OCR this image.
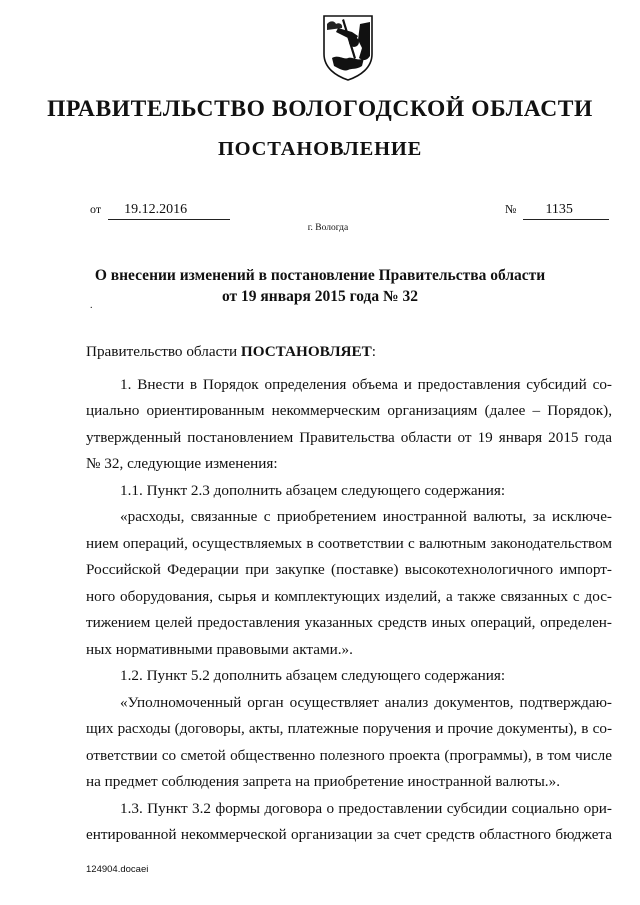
ПРАВИТЕЛЬСТВО ВОЛОГОДСКОЙ ОБЛАСТИ
ПОСТАНОВЛЕНИЕ
от 19.12.2016	№ 1135
г. Вологда
О внесении изменений в постановление Правительства области
от 19 января 2015 года № 32
.

Правительство области ПОСТАНОВЛЯЕТ:

1. Внести в Порядок определения объема и предоставления субсидий со-

циально ориентированным некоммерческим организациям (далее – Порядок),

утвержденный постановлением Правительства области от 19 января 2015 года

№ 32, следующие изменения:

1.1. Пункт 2.3 дополнить абзацем следующего содержания:

«расходы, связанные с приобретением иностранной валюты, за исключе-

нием операций, осуществляемых в соответствии с валютным законодательством

Российской Федерации при закупке (поставке) высокотехнологичного импорт-

ного оборудования, сырья и комплектующих изделий, а также связанных с дос-

тижением целей предоставления указанных средств иных операций, определен-

ных нормативными правовыми актами.».

1.2. Пункт 5.2 дополнить абзацем следующего содержания:

«Уполномоченный орган осуществляет анализ документов, подтверждаю-

щих расходы (договоры, акты, платежные поручения и прочие документы), в со-

ответствии со сметой общественно полезного проекта (программы), в том числе

на предмет соблюдения запрета на приобретение иностранной валюты.».

1.3. Пункт 3.2 формы договора о предоставлении субсидии социально ори-

ентированной некоммерческой организации за счет средств областного бюджета

124904.docaei
